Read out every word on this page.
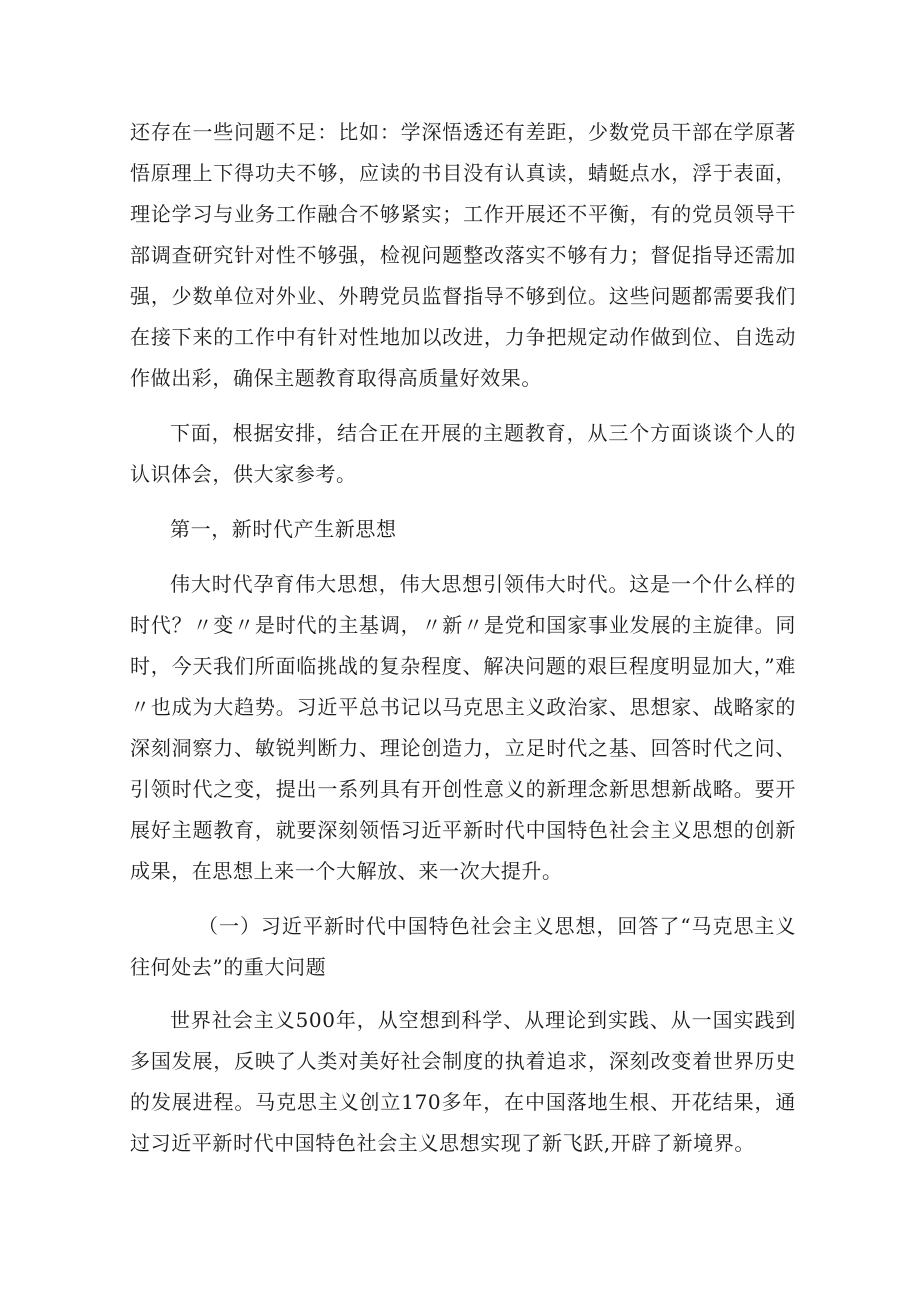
还存在一些问题不足：比如：学深悟透还有差距，少数党员干部在学原著悟原理上下得功夫不够，应读的书目没有认真读，蜻蜓点水，浮于表面，理论学习与业务工作融合不够紧实；工作开展还不平衡，有的党员领导干部调查研究针对性不够强，检视问题整改落实不够有力；督促指导还需加强，少数单位对外业、外聘党员监督指导不够到位。这些问题都需要我们在接下来的工作中有针对性地加以改进，力争把规定动作做到位、自选动作做出彩，确保主题教育取得高质量好效果。

下面，根据安排，结合正在开展的主题教育，从三个方面谈谈个人的认识体会，供大家参考。

第一，新时代产生新思想

伟大时代孕育伟大思想，伟大思想引领伟大时代。这是一个什么样的时代？〃变〃是时代的主基调，〃新〃是党和国家事业发展的主旋律。同时，今天我们所面临挑战的复杂程度、解决问题的艰巨程度明显加大，”难〃也成为大趋势。习近平总书记以马克思主义政治家、思想家、战略家的深刻洞察力、敏锐判断力、理论创造力，立足时代之基、回答时代之问、引领时代之变，提出一系列具有开创性意义的新理念新思想新战略。要开展好主题教育，就要深刻领悟习近平新时代中国特色社会主义思想的创新成果，在思想上来一个大解放、来一次大提升。

（一）习近平新时代中国特色社会主义思想，回答了“马克思主义往何处去”的重大问题

世界社会主义500年，从空想到科学、从理论到实践、从一国实践到多国发展，反映了人类对美好社会制度的执着追求，深刻改变着世界历史的发展进程。马克思主义创立170多年，在中国落地生根、开花结果，通过习近平新时代中国特色社会主义思想实现了新飞跃,开辟了新境界。
